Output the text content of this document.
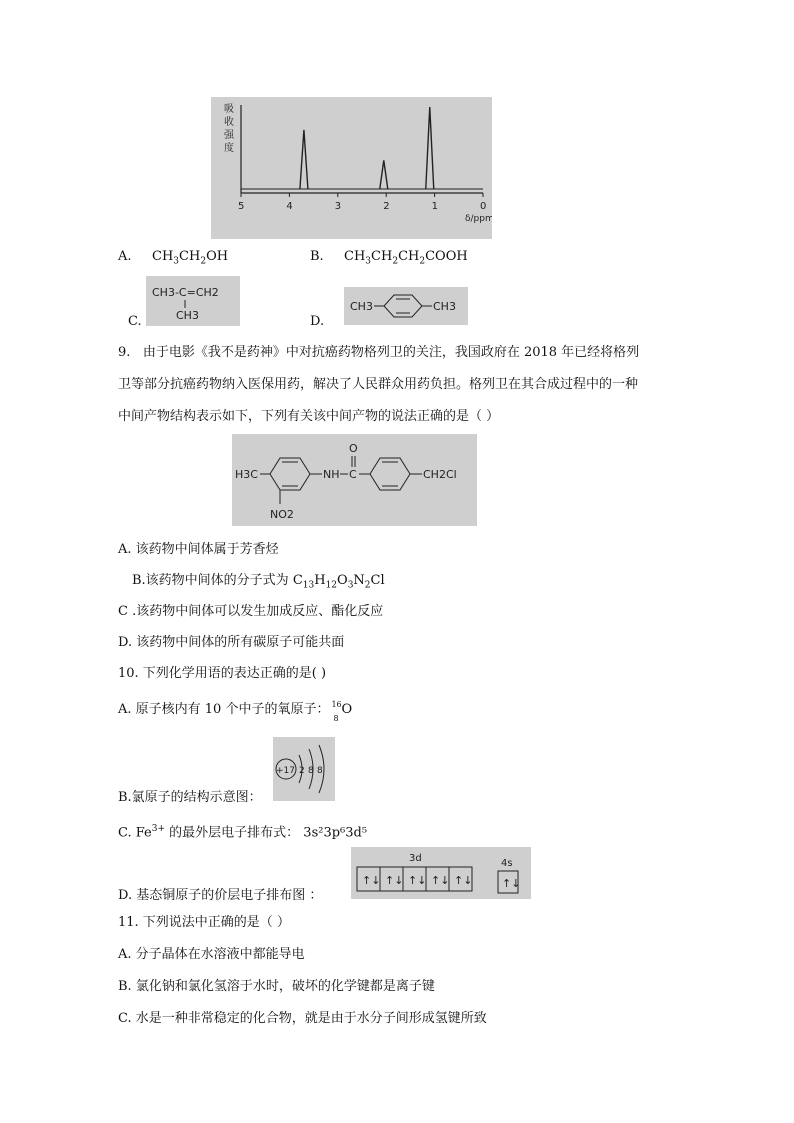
吸
收
强
度
5	4	3	2	1	0
δ/ppm
A. $CH_3CH_2OH$	B. $CH_3CH_2CH_2COOH$
C.
CH3-C=CH2
CH3	D.
CH3	CH3
9. 由于电影《我不是药神》中对抗癌药物格列卫的关注，我国政府在 2018 年已经将格列
卫等部分抗癌药物纳入医保用药，解决了人民群众用药负担。格列卫在其合成过程中的一种
中间产物结构表示如下，下列有关该中间产物的说法正确的是（ ）
H3C
NO2
NH C
O
CH2Cl
A. 该药物中间体属于芳香烃
B.该药物中间体的分子式为 $C_{13}H_{12}O_3N_2Cl$
C .该药物中间体可以发生加成反应、酯化反应
D. 该药物中间体的所有碳原子可能共面
10. 下列化学用语的表达正确的是( )
A. 原子核内有 10 个中子的氧原子： 16
8
O
B.氯原子的结构示意图：
+17 2 8 8
C. $Fe^{3+}$ 的最外层电子排布式： 3s²3p⁶3d⁵
D. 基态铜原子的价层电子排布图 ：
3d	4s
↑↓ ↑↓ ↑↓ ↑↓ ↑↓	↑↓
11. 下列说法中正确的是（ ）
A. 分子晶体在水溶液中都能导电
B. 氯化钠和氯化氢溶于水时，破坏的化学键都是离子键
C. 水是一种非常稳定的化合物，就是由于水分子间形成氢键所致
